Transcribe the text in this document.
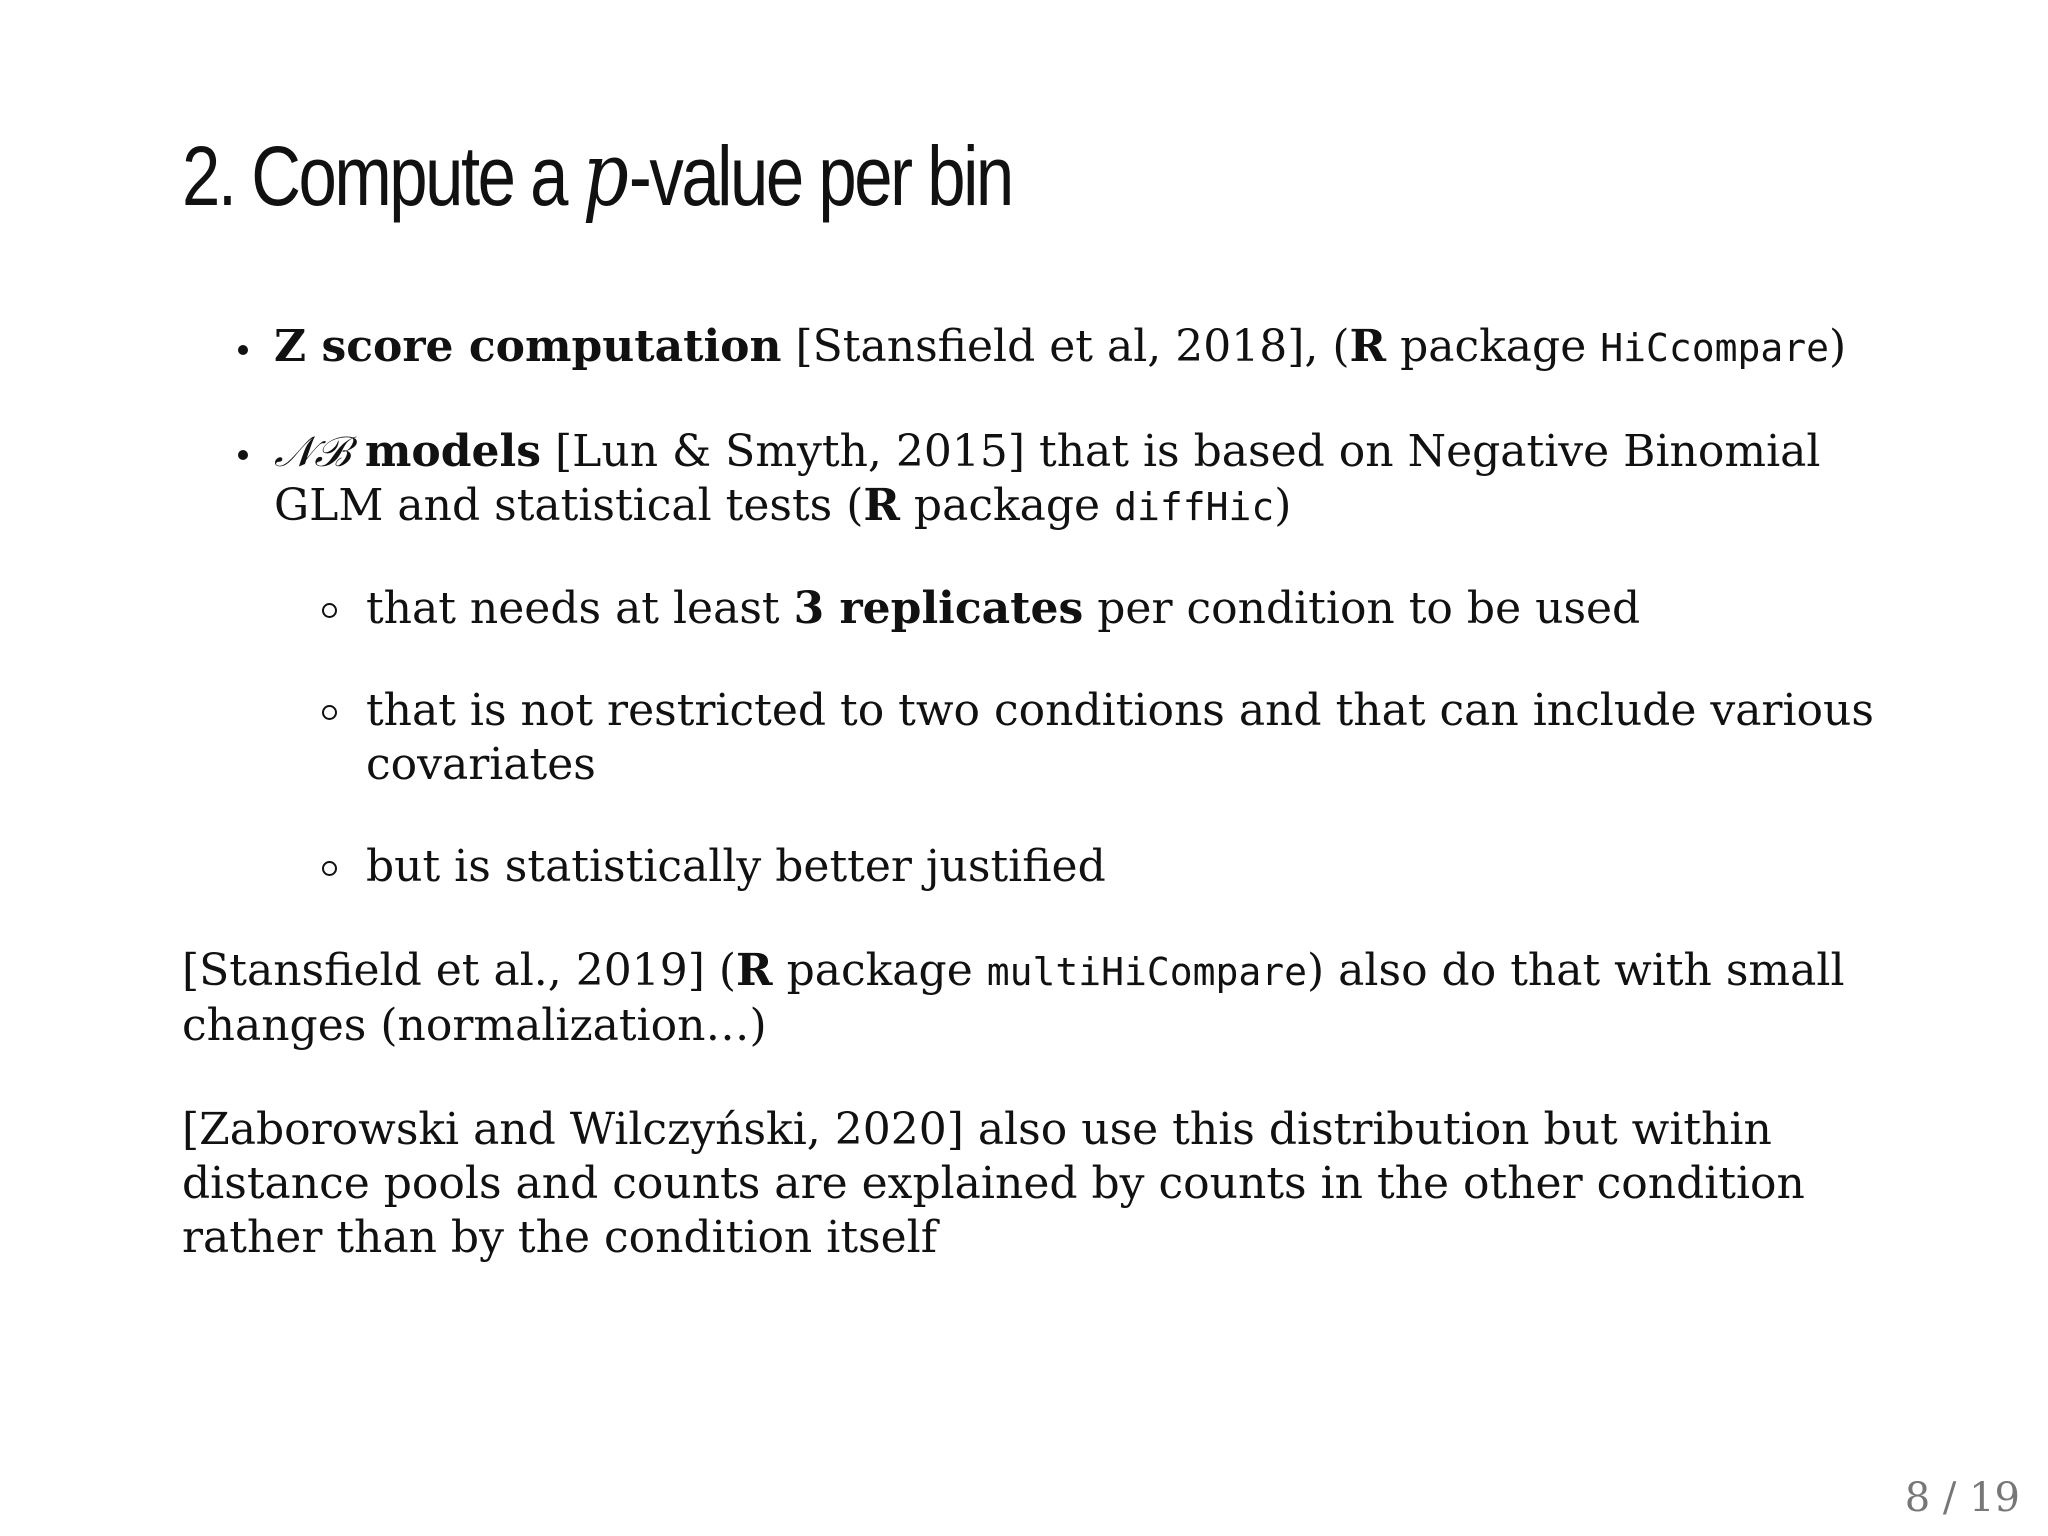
2. Compute a p-value per bin
Z score computation [Stansfield et al, 2018], (R package HiCcompare)
𝒩ℬ models [Lun & Smyth, 2015] that is based on Negative Binomial GLM and statistical tests (R package diffHic)
that needs at least 3 replicates per condition to be used
that is not restricted to two conditions and that can include various covariates
but is statistically better justified

[Stansfield et al., 2019] (R package multiHiCompare) also do that with small changes (normalization…)

[Zaborowski and Wilczyński, 2020] also use this distribution but within distance pools and counts are explained by counts in the other condition rather than by the condition itself

8 / 19
